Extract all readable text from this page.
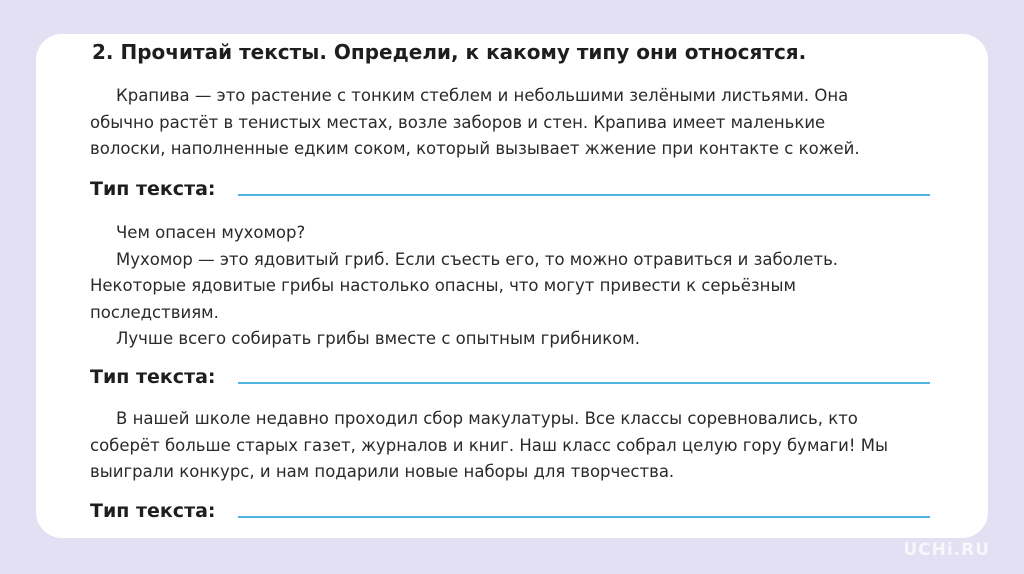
2. Прочитай тексты. Определи, к какому типу они относятся.
Крапива — это растение с тонким стеблем и небольшими зелёными листьями. Она
обычно растёт в тенистых местах, возле заборов и стен. Крапива имеет маленькие
волоски, наполненные едким соком, который вызывает жжение при контакте с кожей.
Тип текста:
Чем опасен мухомор?
Мухомор — это ядовитый гриб. Если съесть его, то можно отравиться и заболеть.
Некоторые ядовитые грибы настолько опасны, что могут привести к серьёзным
последствиям.
Лучше всего собирать грибы вместе с опытным грибником.
Тип текста:
В нашей школе недавно проходил сбор макулатуры. Все классы соревновались, кто
соберёт больше старых газет, журналов и книг. Наш класс собрал целую гору бумаги! Мы
выиграли конкурс, и нам подарили новые наборы для творчества.
Тип текста:
UCHi.RU
